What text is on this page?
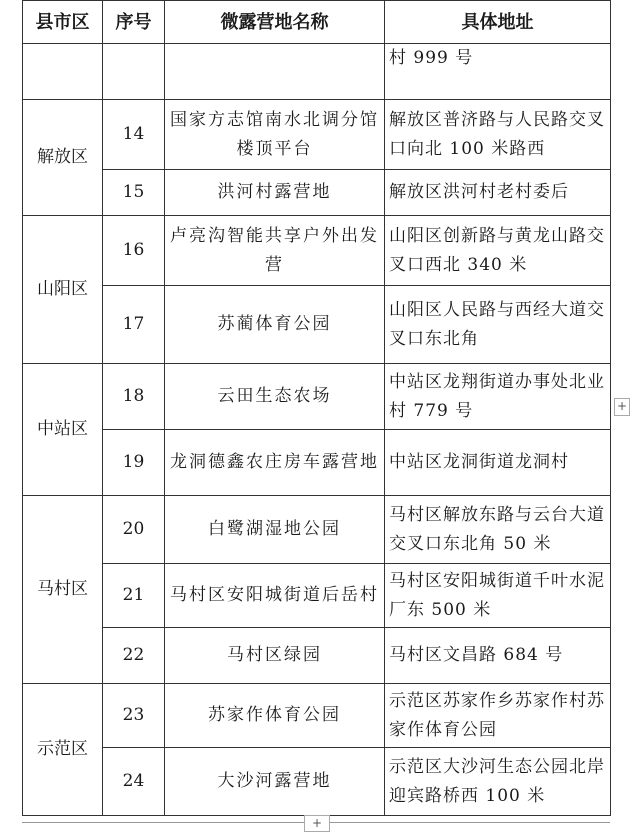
县市区	序号	微露营地名称	具体地址
			村 999 号
解放区	14	国家方志馆南水北调分馆楼顶平台	解放区普济路与人民路交叉口向北 100 米路西
	15	洪河村露营地	解放区洪河村老村委后
山阳区	16	卢亮沟智能共享户外出发营	山阳区创新路与黄龙山路交叉口西北 340 米
	17	苏蔺体育公园	山阳区人民路与西经大道交叉口东北角
中站区	18	云田生态农场	中站区龙翔街道办事处北业村 779 号
	19	龙洞德鑫农庄房车露营地	中站区龙洞街道龙洞村
马村区	20	白鹭湖湿地公园	马村区解放东路与云台大道交叉口东北角 50 米
	21	马村区安阳城街道后岳村	马村区安阳城街道千叶水泥厂东 500 米
	22	马村区绿园	马村区文昌路 684 号
示范区	23	苏家作体育公园	示范区苏家作乡苏家作村苏家作体育公园
	24	大沙河露营地	示范区大沙河生态公园北岸迎宾路桥西 100 米
+
+
